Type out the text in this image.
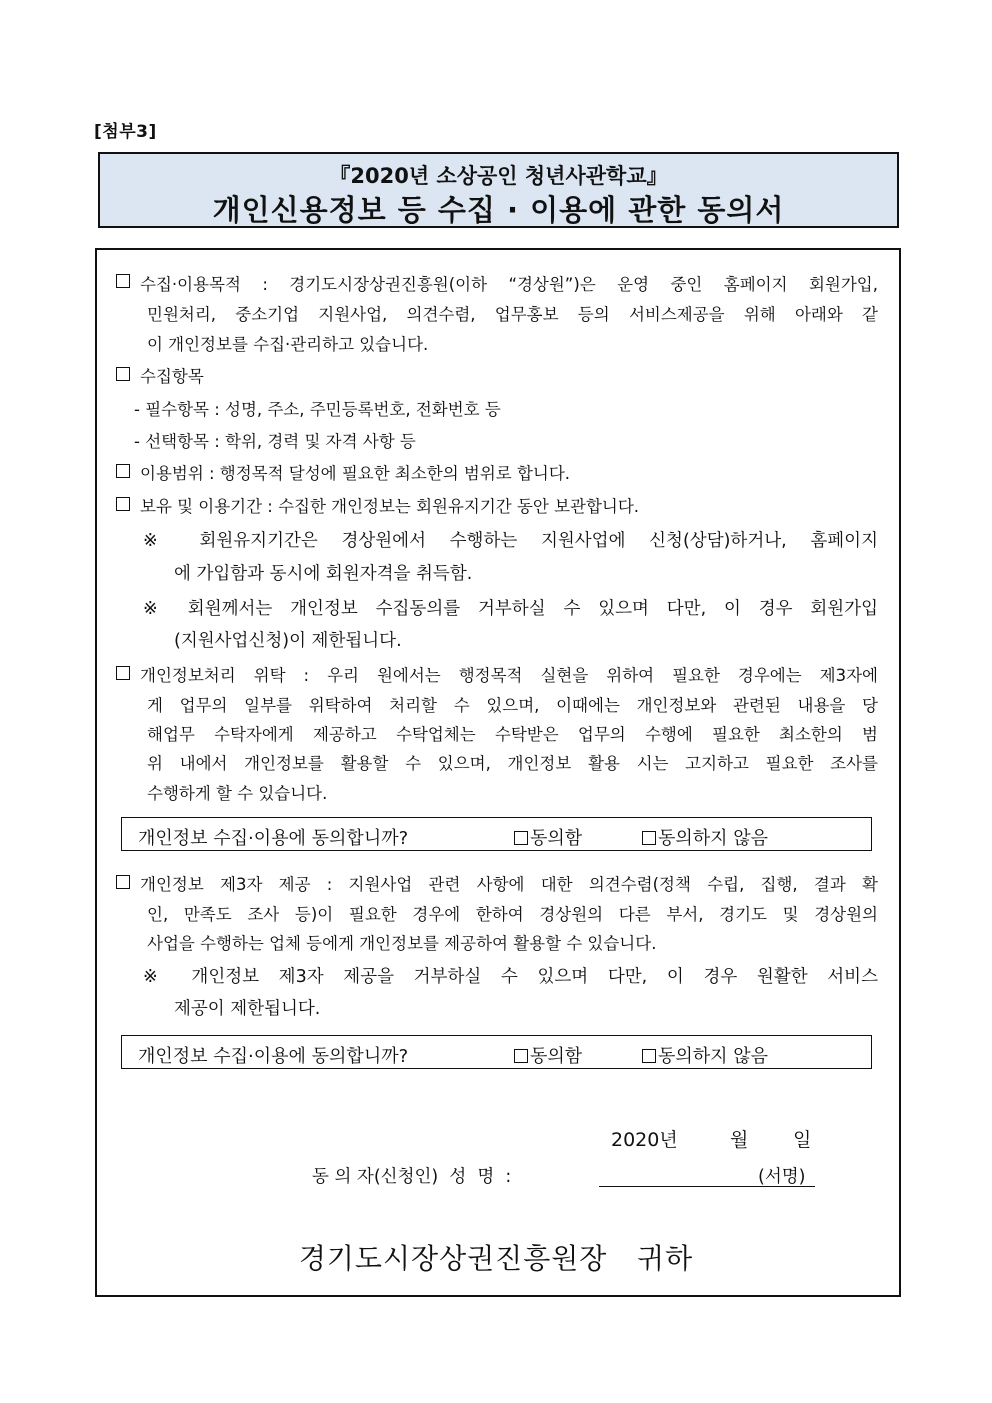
[첨부3]
『2020년 소상공인 청년사관학교』
개인신용정보 등 수집 · 이용에 관한 동의서
수집·이용목적 : 경기도시장상권진흥원(이하 “경상원”)은 운영 중인 홈페이지 회원가입,
민원처리, 중소기업 지원사업, 의견수렴, 업무홍보 등의 서비스제공을 위해 아래와 같
이 개인정보를 수집·관리하고 있습니다.
수집항목
- 필수항목 : 성명, 주소, 주민등록번호, 전화번호 등
- 선택항목 : 학위, 경력 및 자격 사항 등
이용범위 : 행정목적 달성에 필요한 최소한의 범위로 합니다.
보유 및 이용기간 : 수집한 개인정보는 회원유지기간 동안 보관합니다.
※ 회원유지기간은 경상원에서 수행하는 지원사업에 신청(상담)하거나, 홈페이지
에 가입함과 동시에 회원자격을 취득함.
※ 회원께서는 개인정보 수집동의를 거부하실 수 있으며 다만, 이 경우 회원가입
(지원사업신청)이 제한됩니다.
개인정보처리 위탁 : 우리 원에서는 행정목적 실현을 위하여 필요한 경우에는 제3자에
게 업무의 일부를 위탁하여 처리할 수 있으며, 이때에는 개인정보와 관련된 내용을 당
해업무 수탁자에게 제공하고 수탁업체는 수탁받은 업무의 수행에 필요한 최소한의 범
위 내에서 개인정보를 활용할 수 있으며, 개인정보 활용 시는 고지하고 필요한 조사를
수행하게 할 수 있습니다.
개인정보 수집·이용에 동의합니까?	동의함	동의하지 않음
개인정보 제3자 제공 : 지원사업 관련 사항에 대한 의견수렴(정책 수립, 집행, 결과 확
인, 만족도 조사 등)이 필요한 경우에 한하여 경상원의 다른 부서, 경기도 및 경상원의
사업을 수행하는 업체 등에게 개인정보를 제공하여 활용할 수 있습니다.
※ 개인정보 제3자 제공을 거부하실 수 있으며 다만, 이 경우 원활한 서비스
제공이 제한됩니다.
개인정보 수집·이용에 동의합니까?	동의함	동의하지 않음
2020년	월 일
동 의 자(신청인)  성  명  :	(서명)
경기도시장상권진흥원장   귀하
